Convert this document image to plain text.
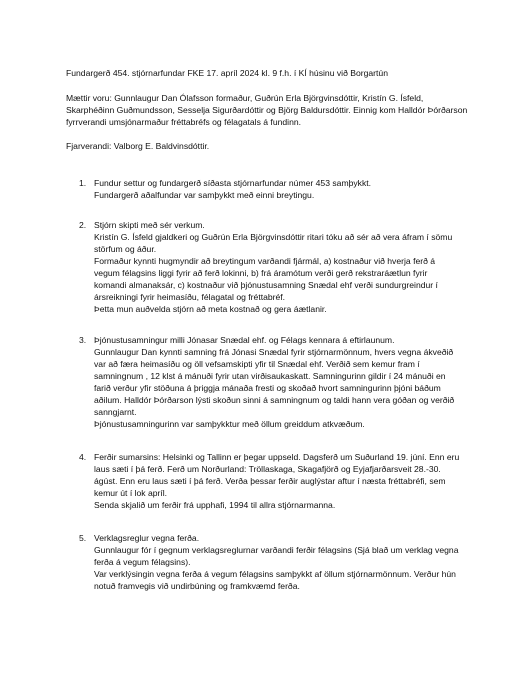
Fundargerð 454. stjórnarfundar FKE 17. apríl 2024 kl. 9 f.h. í KÍ húsinu við Borgartún
Mættir voru: Gunnlaugur Dan Ólafsson formaður, Guðrún Erla Björgvinsdóttir, Kristín G. Ísfeld,
Skarphéðinn Guðmundsson, Sesselja Sigurðardóttir og Björg Baldursdóttir. Einnig kom Halldór Þórðarson
fyrrverandi umsjónarmaður fréttabréfs og félagatals á fundinn.
Fjarverandi: Valborg E. Baldvinsdóttir.
1. Fundur settur og fundargerð síðasta stjórnarfundar númer 453 samþykkt.
Fundargerð aðalfundar var samþykkt með einni breytingu.
2. Stjórn skipti með sér verkum.
Kristín G. Ísfeld gjaldkeri og Guðrún Erla Björgvinsdóttir ritari tóku að sér að vera áfram í sömu
störfum og áður.
Formaður kynnti hugmyndir að breytingum varðandi fjármál, a) kostnaður við hverja ferð á
vegum félagsins liggi fyrir að ferð lokinni, b) frá áramótum verði gerð rekstraráætlun fyrir
komandi almanaksár, c) kostnaður við þjónustusamning Snædal ehf verði sundurgreindur í
ársreikningi fyrir heimasíðu, félagatal og fréttabréf.
Þetta mun auðvelda stjórn að meta kostnað og gera áætlanir.
3. Þjónustusamningur milli Jónasar Snædal ehf. og Félags kennara á eftirlaunum.
Gunnlaugur Dan kynnti samning frá Jónasi Snædal fyrir stjórnarmönnum, hvers vegna ákveðið
var að færa heimasíðu og öll vefsamskipti yfir til Snædal ehf. Verðið sem kemur fram í
samningnum , 12 klst á mánuði fyrir utan virðisaukaskatt. Samningurinn gildir í 24 mánuði en
farið verður yfir stöðuna á þriggja mánaða fresti og skoðað hvort samningurinn þjóni báðum
aðilum. Halldór Þórðarson lýsti skoðun sinni á samningnum og taldi hann vera góðan og verðið
sanngjarnt.
Þjónustusamningurinn var samþykktur með öllum greiddum atkvæðum.
4. Ferðir sumarsins: Helsinki og Tallinn er þegar uppseld. Dagsferð um Suðurland 19. júní. Enn eru
laus sæti í þá ferð. Ferð um Norðurland: Tröllaskaga, Skagafjörð og Eyjafjarðarsveit 28.-30.
ágúst. Enn eru laus sæti í þá ferð. Verða þessar ferðir auglýstar aftur í næsta fréttabréfi, sem
kemur út í lok apríl.
Senda skjalið um ferðir frá upphafi, 1994 til allra stjórnarmanna.
5. Verklagsreglur vegna ferða.
Gunnlaugur fór í gegnum verklagsreglurnar varðandi ferðir félagsins (Sjá blað um verklag vegna
ferða á vegum félagsins).
Var verklýsingin vegna ferða á vegum félagsins samþykkt af öllum stjórnarmönnum. Verður hún
notuð framvegis við undirbúning og framkvæmd ferða.
